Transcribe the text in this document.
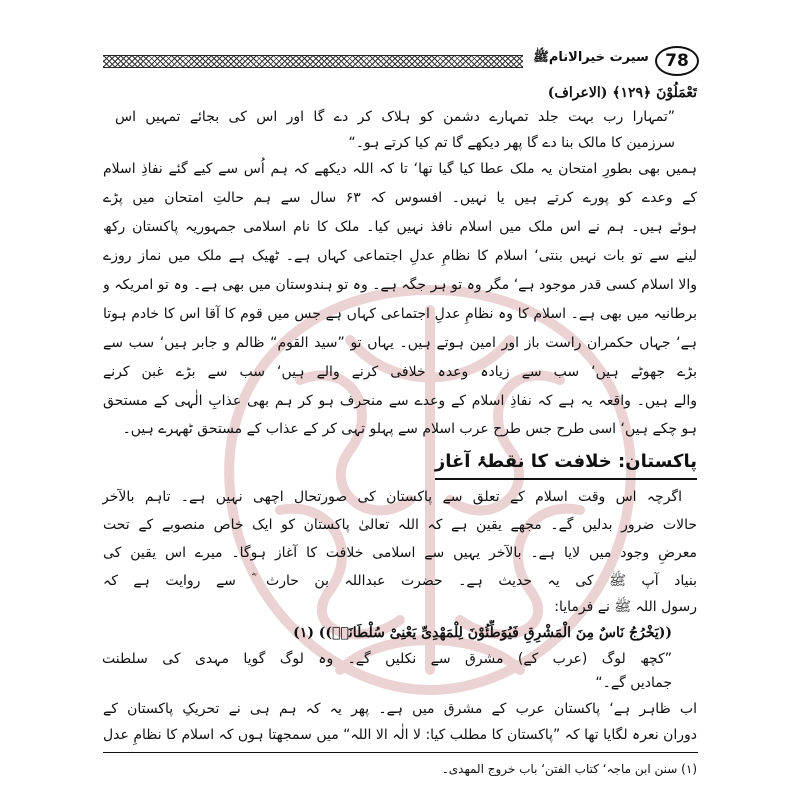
سیرت خیرالانامﷺ 78
تَعْمَلُوْنَ ﴿۱۲۹﴾ (الاعراف)
”تمہارا رب بہت جلد تمہارے دشمن کو ہلاک کر دے گا اور اس کی بجائے تمہیں اس
سرزمین کا مالک بنا دے گا پھر دیکھے گا تم کیا کرتے ہو۔“
ہمیں بھی بطورِ امتحان یہ ملک عطا کیا گیا تھا‘ تا کہ اللہ دیکھے کہ ہم اُس سے کیے گئے نفاذِ اسلام
کے وعدے کو پورے کرتے ہیں یا نہیں۔ افسوس کہ ۶۳ سال سے ہم حالتِ امتحان میں پڑے
ہوئے ہیں۔ ہم نے اس ملک میں اسلام نافذ نہیں کیا۔ ملک کا نام اسلامی جمہوریہ پاکستان رکھ
لینے سے تو بات نہیں بنتی‘ اسلام کا نظامِ عدلِ اجتماعی کہاں ہے۔ ٹھیک ہے ملک میں نماز روزے
والا اسلام کسی قدر موجود ہے‘ مگر وہ تو ہر جگہ ہے۔ وہ تو ہندوستان میں بھی ہے۔ وہ تو امریکہ و
برطانیہ میں بھی ہے۔ اسلام کا وہ نظامِ عدلِ اجتماعی کہاں ہے جس میں قوم کا آقا اس کا خادم ہوتا
ہے‘ جہاں حکمران راست باز اور امین ہوتے ہیں۔ یہاں تو ”سید القوم“ ظالم و جابر ہیں‘ سب سے
بڑے جھوٹے ہیں‘ سب سے زیادہ وعدہ خلافی کرنے والے ہیں‘ سب سے بڑے غبن کرنے
والے ہیں۔ واقعہ یہ ہے کہ نفاذِ اسلام کے وعدے سے منحرف ہو کر ہم بھی عذابِ الٰہی کے مستحق
ہو چکے ہیں‘ اسی طرح جس طرح عرب اسلام سے پہلو تہی کر کے عذاب کے مستحق ٹھہرے ہیں۔
پاکستان: خلافت کا نقطۂ آغاز
اگرچہ اس وقت اسلام کے تعلق سے پاکستان کی صورتحال اچھی نہیں ہے۔ تاہم بالآخر
حالات ضرور بدلیں گے۔ مجھے یقین ہے کہ اللہ تعالیٰ پاکستان کو ایک خاص منصوبے کے تحت
معرضِ وجود میں لایا ہے۔ بالآخر یہیں سے اسلامی خلافت کا آغاز ہوگا۔ میرے اس یقین کی
بنیاد آپ ﷺ کی یہ حدیث ہے۔ حضرت عبداللہ بن حارث ؓ سے روایت ہے کہ
رسول اللہ ﷺ نے فرمایا:
((یَخْرُجُ نَاسٌ مِنَ الْمَشْرِقِ فَیُوَطِّئُوْنَ لِلْمَھْدِیِّ یَعْنِیْ سُلْطَانَہٗ)) (۱)
”کچھ لوگ (عرب کے) مشرق سے نکلیں گے۔ وہ لوگ گویا مہدی کی سلطنت
جمادیں گے۔“
(۱) سنن ابن ماجہ‘ کتاب الفتن‘ باب خروج المھدی۔
اب ظاہر ہے‘ پاکستان عرب کے مشرق میں ہے۔ پھر یہ کہ ہم ہی نے تحریکِ پاکستان کے
دوران نعرہ لگایا تھا کہ ”پاکستان کا مطلب کیا: لا الٰہ الا اللہ“ میں سمجھتا ہوں کہ اسلام کا نظامِ عدل
